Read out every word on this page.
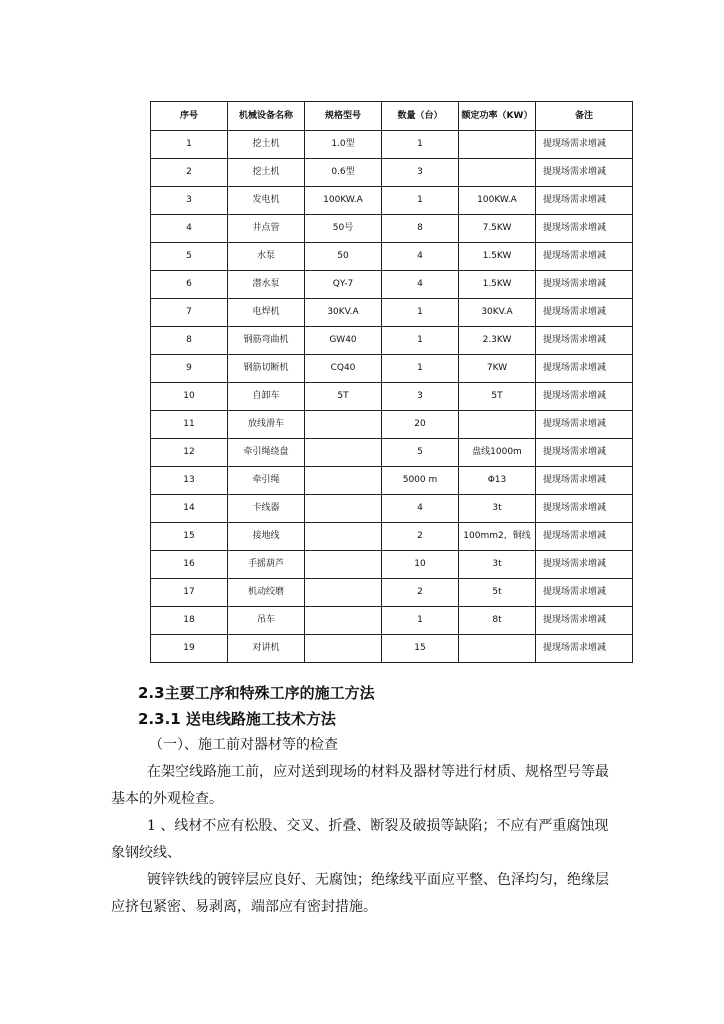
序号	机械设备名称	规格型号	数量（台）	额定功率（KW）	备注
1	挖土机	1.0型	1		提现场需求增减
2	挖土机	0.6型	3		提现场需求增减
3	发电机	100KW.A	1	100KW.A	提现场需求增减
4	井点管	50号	8	7.5KW	提现场需求增减
5	水泵	50	4	1.5KW	提现场需求增减
6	潜水泵	QY-7	4	1.5KW	提现场需求增减
7	电焊机	30KV.A	1	30KV.A	提现场需求增减
8	钢筋弯曲机	GW40	1	2.3KW	提现场需求增减
9	钢筋切断机	CQ40	1	7KW	提现场需求增减
10	自卸车	5T	3	5T	提现场需求增减
11	放线滑车		20		提现场需求增减
12	牵引绳绕盘		5	盘线1000m	提现场需求增减
13	牵引绳		5000 m	Φ13	提现场需求增减
14	卡线器		4	3t	提现场需求增减
15	接地线		2	100mm2，铜线	提现场需求增减
16	手摇葫芦		10	3t	提现场需求增减
17	机动绞磨		2	5t	提现场需求增减
18	吊车		1	8t	提现场需求增减
19	对讲机		15		提现场需求增减

2.3主要工序和特殊工序的施工方法

2.3.1 送电线路施工技术方法

（一）、施工前对器材等的检查

在架空线路施工前，应对送到现场的材料及器材等进行材质、规格型号等最基本的外观检查。

1 、线材不应有松股、交叉、折叠、断裂及破损等缺陷；不应有严重腐蚀现象钢绞线、

镀锌铁线的镀锌层应良好、无腐蚀；绝缘线平面应平整、色泽均匀，绝缘层应挤包紧密、易剥离，端部应有密封措施。
